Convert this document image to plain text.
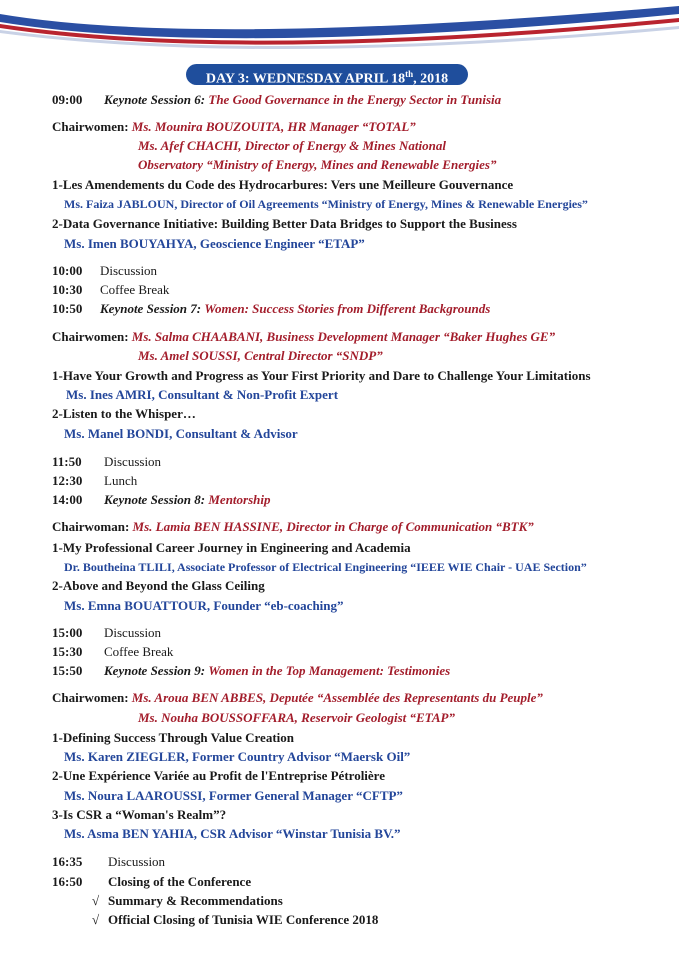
DAY 3: WEDNESDAY APRIL 18th, 2018
09:00 Keynote Session 6: The Good Governance in the Energy Sector in Tunisia
Chairwomen: Ms. Mounira BOUZOUITA, HR Manager “TOTAL”
Ms. Afef CHACHI, Director of Energy & Mines National
Observatory “Ministry of Energy, Mines and Renewable Energies”
1-Les Amendements du Code des Hydrocarbures: Vers une Meilleure Gouvernance
Ms. Faiza JABLOUN, Director of Oil Agreements “Ministry of Energy, Mines & Renewable Energies”
2-Data Governance Initiative: Building Better Data Bridges to Support the Business
Ms. Imen BOUYAHYA, Geoscience Engineer “ETAP”
10:00 Discussion
10:30 Coffee Break
10:50 Keynote Session 7: Women: Success Stories from Different Backgrounds
Chairwomen: Ms. Salma CHAABANI, Business Development Manager “Baker Hughes GE”
Ms. Amel SOUSSI, Central Director “SNDP”
1-Have Your Growth and Progress as Your First Priority and Dare to Challenge Your Limitations
Ms. Ines AMRI, Consultant & Non-Profit Expert
2-Listen to the Whisper…
Ms. Manel BONDI, Consultant & Advisor
11:50 Discussion
12:30 Lunch
14:00 Keynote Session 8: Mentorship
Chairwoman: Ms. Lamia BEN HASSINE, Director in Charge of Communication “BTK”
1-My Professional Career Journey in Engineering and Academia
Dr. Boutheina TLILI, Associate Professor of Electrical Engineering “IEEE WIE Chair - UAE Section”
2-Above and Beyond the Glass Ceiling
Ms. Emna BOUATTOUR, Founder “eb-coaching”
15:00 Discussion
15:30 Coffee Break
15:50 Keynote Session 9: Women in the Top Management: Testimonies
Chairwomen: Ms. Aroua BEN ABBES, Deputée “Assemblée des Representants du Peuple”
Ms. Nouha BOUSSOFFARA, Reservoir Geologist “ETAP”
1-Defining Success Through Value Creation
Ms. Karen ZIEGLER, Former Country Advisor “Maersk Oil”
2-Une Expérience Variée au Profit de l'Entreprise Pétrolière
Ms. Noura LAAROUSSI, Former General Manager “CFTP”
3-Is CSR a “Woman's Realm”?
Ms. Asma BEN YAHIA, CSR Advisor “Winstar Tunisia BV.”
16:35 Discussion
16:50 Closing of the Conference
√ Summary & Recommendations
√ Official Closing of Tunisia WIE Conference 2018
